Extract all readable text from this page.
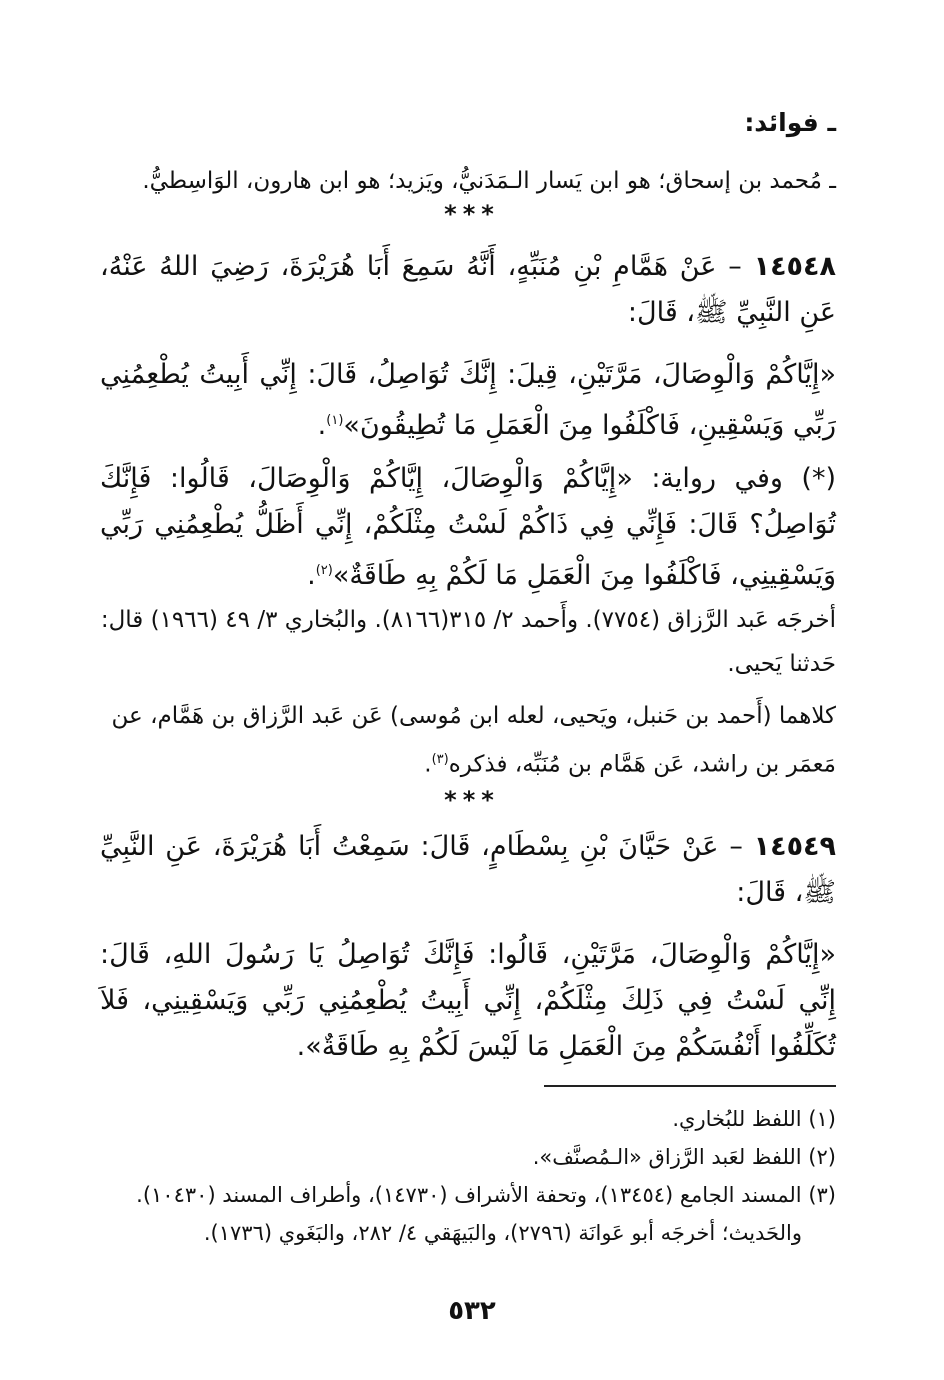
ـ فوائد:

ـ مُحمد بن إسحاق؛ هو ابن يَسار الـمَدَنيُّ، ويَزيد؛ هو ابن هارون، الوَاسِطيُّ.

***

١٤٥٤٨ – عَنْ هَمَّامِ بْنِ مُنَبِّهٍ، أَنَّهُ سَمِعَ أَبَا هُرَيْرَةَ، رَضِيَ اللهُ عَنْهُ، عَنِ النَّبِيِّ ﷺ، قَالَ:

«إِيَّاكُمْ وَالْوِصَالَ، مَرَّتَيْنِ، قِيلَ: إِنَّكَ تُوَاصِلُ، قَالَ: إِنِّي أَبِيتُ يُطْعِمُنِي رَبِّي وَيَسْقِينِ، فَاكْلَفُوا مِنَ الْعَمَلِ مَا تُطِيقُونَ»$^{(١)}$.

(*) وفي رواية: «إِيَّاكُمْ وَالْوِصَالَ، إِيَّاكُمْ وَالْوِصَالَ، قَالُوا: فَإِنَّكَ تُوَاصِلُ؟ قَالَ: فَإِنِّي فِي ذَاكُمْ لَسْتُ مِثْلَكُمْ، إِنِّي أَظَلُّ يُطْعِمُنِي رَبِّي وَيَسْقِينِي، فَاكْلَفُوا مِنَ الْعَمَلِ مَا لَكُمْ بِهِ طَاقَةٌ»$^{(٢)}$.

أخرجَه عَبد الرَّزاق (٧٧٥٤). وأَحمد ٢/ ٣١٥(٨١٦٦). والبُخاري ٣/ ٤٩ (١٩٦٦) قال: حَدثنا يَحيى.

كلاهما (أَحمد بن حَنبل، ويَحيى، لعله ابن مُوسى) عَن عَبد الرَّزاق بن هَمَّام، عن مَعمَر بن راشد، عَن هَمَّام بن مُنَبِّه، فذكره$^{(٣)}$.

***

١٤٥٤٩ – عَنْ حَيَّانَ بْنِ بِسْطَامٍ، قَالَ: سَمِعْتُ أَبَا هُرَيْرَةَ، عَنِ النَّبِيِّ ﷺ، قَالَ:

«إِيَّاكُمْ وَالْوِصَالَ، مَرَّتَيْنِ، قَالُوا: فَإِنَّكَ تُوَاصِلُ يَا رَسُولَ اللهِ، قَالَ: إِنِّي لَسْتُ فِي ذَلِكَ مِثْلَكُمْ، إِنِّي أَبِيتُ يُطْعِمُنِي رَبِّي وَيَسْقِينِي، فَلاَ تُكَلِّفُوا أَنْفُسَكُمْ مِنَ الْعَمَلِ مَا لَيْسَ لَكُمْ بِهِ طَاقَةٌ».

(١) اللفظ للبُخاري.

(٢) اللفظ لعَبد الرَّزاق «الـمُصنَّف».

(٣) المسند الجامع (١٣٤٥٤)، وتحفة الأشراف (١٤٧٣٠)، وأطراف المسند (١٠٤٣٠).

والحَديث؛ أخرجَه أبو عَوانَة (٢٧٩٦)، والبَيهَقي ٤/ ٢٨٢، والبَغَوي (١٧٣٦).

٥٣٢
